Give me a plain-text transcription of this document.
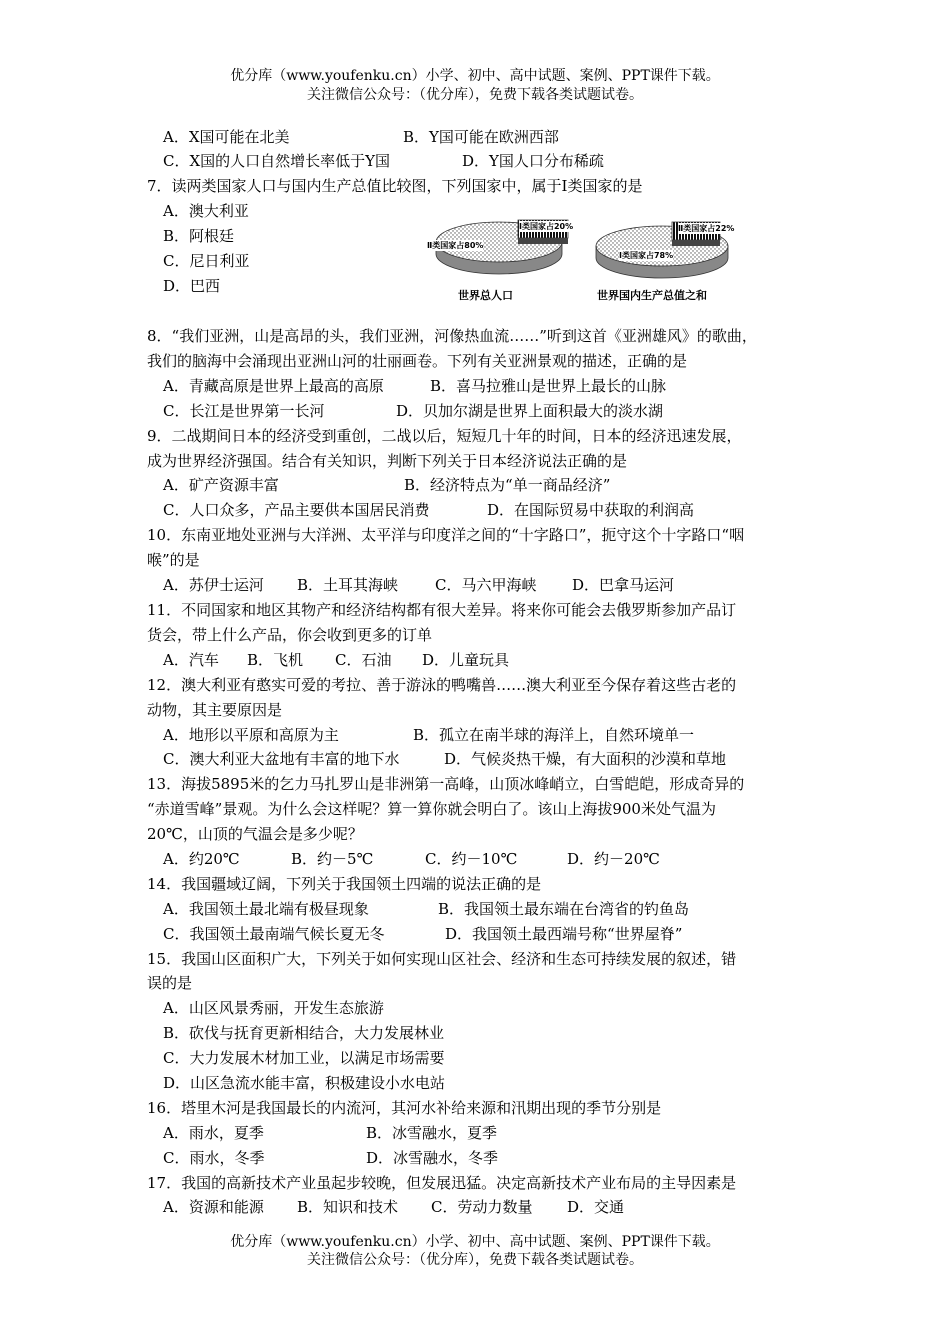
优分库（www.youfenku.cn）小学、初中、高中试题、案例、PPT课件下载。
关注微信公众号：（优分库），免费下载各类试题试卷。
A．X国可能在北美	B．Y国可能在欧洲西部
C．X国的人口自然增长率低于Y国	D．Y国人口分布稀疏
7．读两类国家人口与国内生产总值比较图，下列国家中，属于Ⅰ类国家的是
A．澳大利亚
B．阿根廷
C．尼日利亚
D．巴西
Ⅱ类国家占80%
Ⅰ类国家占20%
Ⅰ类国家占78%
Ⅱ类国家占22%
世界总人口	世界国内生产总值之和
8．“我们亚洲，山是高昂的头，我们亚洲，河像热血流……”听到这首《亚洲雄风》的歌曲，
我们的脑海中会涌现出亚洲山河的壮丽画卷。下列有关亚洲景观的描述，正确的是
A．青藏高原是世界上最高的高原	B．喜马拉雅山是世界上最长的山脉
C．长江是世界第一长河	D．贝加尔湖是世界上面积最大的淡水湖
9．二战期间日本的经济受到重创，二战以后，短短几十年的时间，日本的经济迅速发展，
成为世界经济强国。结合有关知识，判断下列关于日本经济说法正确的是
A．矿产资源丰富	B．经济特点为“单一商品经济”
C．人口众多，产品主要供本国居民消费	D．在国际贸易中获取的利润高
10．东南亚地处亚洲与大洋洲、太平洋与印度洋之间的“十字路口”，扼守这个十字路口“咽
喉”的是
A．苏伊士运河 B．土耳其海峡 C．马六甲海峡 D．巴拿马运河
11．不同国家和地区其物产和经济结构都有很大差异。将来你可能会去俄罗斯参加产品订
货会，带上什么产品，你会收到更多的订单
A．汽车 B．飞机 C．石油 D．儿童玩具
12．澳大利亚有憨实可爱的考拉、善于游泳的鸭嘴兽……澳大利亚至今保存着这些古老的
动物，其主要原因是
A．地形以平原和高原为主	B．孤立在南半球的海洋上，自然环境单一
C．澳大利亚大盆地有丰富的地下水	D．气候炎热干燥，有大面积的沙漠和草地
13．海拔5895米的乞力马扎罗山是非洲第一高峰，山顶冰峰峭立，白雪皑皑，形成奇异的
“赤道雪峰”景观。为什么会这样呢？算一算你就会明白了。该山上海拔900米处气温为
20℃，山顶的气温会是多少呢？
A．约20℃	B．约－5℃	C．约－10℃	D．约－20℃
14．我国疆域辽阔，下列关于我国领土四端的说法正确的是
A．我国领土最北端有极昼现象	B．我国领土最东端在台湾省的钓鱼岛
C．我国领土最南端气候长夏无冬	D．我国领土最西端号称“世界屋脊”
15．我国山区面积广大，下列关于如何实现山区社会、经济和生态可持续发展的叙述，错
误的是
A．山区风景秀丽，开发生态旅游
B．砍伐与抚育更新相结合，大力发展林业
C．大力发展木材加工业，以满足市场需要
D．山区急流水能丰富，积极建设小水电站
16．塔里木河是我国最长的内流河，其河水补给来源和汛期出现的季节分别是
A．雨水，夏季	B．冰雪融水，夏季
C．雨水，冬季	D．冰雪融水，冬季
17．我国的高新技术产业虽起步较晚，但发展迅猛。决定高新技术产业布局的主导因素是
A．资源和能源 B．知识和技术 C．劳动力数量 D．交通
优分库（www.youfenku.cn）小学、初中、高中试题、案例、PPT课件下载。
关注微信公众号：（优分库），免费下载各类试题试卷。
